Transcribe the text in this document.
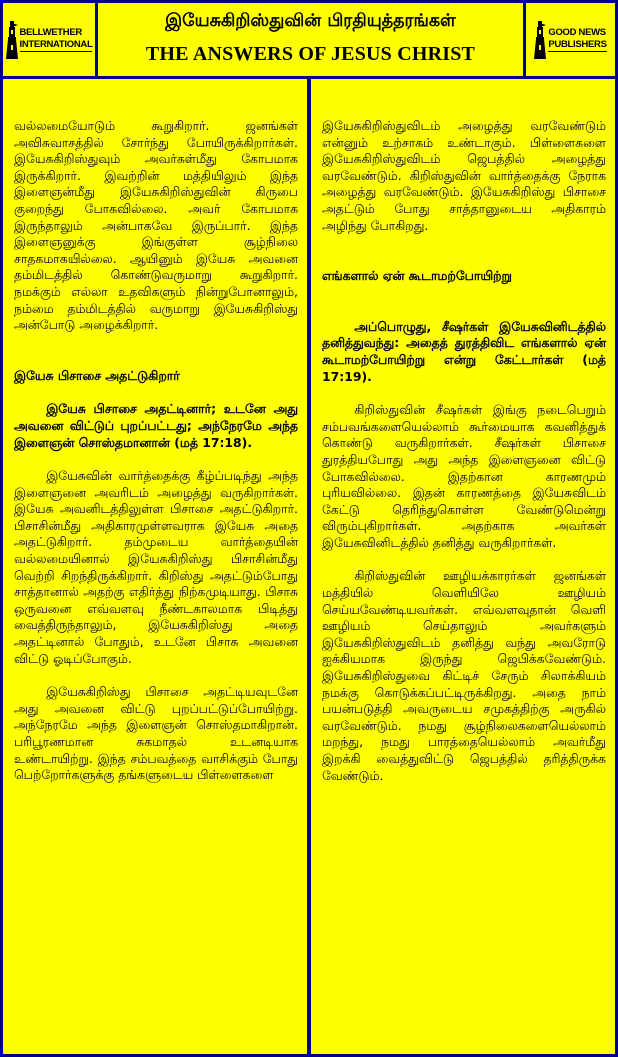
BELLWETHER
INTERNATIONAL
இயேசுகிறிஸ்துவின் பிரதியுத்தரங்கள்
THE ANSWERS OF JESUS CHRIST
GOOD NEWS
PUBLISHERS

வல்லமையோடும் கூறுகிறார். ஜனங்கள் அவிசுவாசத்தில் சோர்ந்து போயிருக்கிறார்கள். இயேசுகிறிஸ்துவும் அவர்கள்மீது கோபமாக இருக்கிறார். இவற்றின் மத்தியிலும் இந்த இளைஞன்மீது இயேசுகிறிஸ்துவின் கிருபை குறைந்து போகவில்லை. அவர் கோபமாக இருந்தாலும் அன்பாகவே இருப்பார். இந்த இளைஞனுக்கு இங்குள்ள சூழ்நிலை சாதகமாகயில்லை. ஆயினும் இயேசு அவனை தம்மிடத்தில் கொண்டுவருமாறு கூறுகிறார். நமக்கும் எல்லா உதவிகளும் நின்றுபோனாலும், நம்மை தம்மிடத்தில் வருமாறு இயேசுகிறிஸ்து அன்போடு அழைக்கிறார்.

இயேசு பிசாசை அதட்டுகிறார்

இயேசு பிசாசை அதட்டினார்; உடனே அது அவனை விட்டுப் புறப்பட்டது; அந்நேரமே அந்த இளைஞன் சொஸ்தமானான் (மத் 17:18).

இயேசுவின் வார்த்தைக்கு கீழ்ப்படிந்து அந்த இளைஞனை அவரிடம் அழைத்து வருகிறார்கள். இயேசு அவனிடத்திலுள்ள பிசாசை அதட்டுகிறார். பிசாசின்மீது அதிகாரமுள்ளவராக இயேசு அதை அதட்டுகிறார். தம்முடைய வார்த்தையின் வல்லமையினால் இயேசுகிறிஸ்து பிசாசின்மீது வெற்றி சிறந்திருக்கிறார். கிறிஸ்து அதட்டும்போது சாத்தானால் அதற்கு எதிர்த்து நிற்கமுடியாது. பிசாசு ஒருவனை எவ்வளவு நீண்டகாலமாக பிடித்து வைத்திருந்தாலும், இயேசுகிறிஸ்து அதை அதட்டினால் போதும், உடனே பிசாசு அவனை விட்டு ஓடிப்போகும்.

இயேசுகிறிஸ்து பிசாசை அதட்டியவுடனே அது அவனை விட்டு புறப்பட்டுப்போயிற்று. அந்நேரமே அந்த இளைஞன் சொஸ்தமாகிறான். பரிபூரணமான சுகமாதல் உடனடியாக உண்டாயிற்று. இந்த சம்பவத்தை வாசிக்கும் போது பெற்றோர்களுக்கு தங்களுடைய பிள்ளைகளை

இயேசுகிறிஸ்துவிடம் அழைத்து வரவேண்டும் என்னும் உற்சாகம் உண்டாகும். பிள்ளைகளை இயேசுகிறிஸ்துவிடம் ஜெபத்தில் அழைத்து வரவேண்டும். கிறிஸ்துவின் வார்த்தைக்கு நேராக அழைத்து வரவேண்டும். இயேசுகிறிஸ்து பிசாசை அதட்டும் போது சாத்தானுடைய அதிகாரம் அழிந்து போகிறது.

எங்களால் ஏன் கூடாமற்போயிற்று

அப்பொழுது, சீஷர்கள் இயேசுவினிடத்தில் தனித்துவந்து: அதைத் துரத்திவிட எங்களால் ஏன் கூடாமற்போயிற்று என்று கேட்டார்கள் (மத் 17:19).

கிறிஸ்துவின் சீஷர்கள் இங்கு நடைபெறும் சம்பவங்களையெல்லாம் கூர்மையாக கவனித்துக் கொண்டு வருகிறார்கள். சீஷர்கள் பிசாசை துரத்தியபோது அது அந்த இளைஞனை விட்டு போகவில்லை. இதற்கான காரணமும் புரியவில்லை. இதன் காரணத்தை இயேசுவிடம் கேட்டு தெரிந்துகொள்ள வேண்டுமென்று விரும்புகிறார்கள். அதற்காக அவர்கள் இயேசுவினிடத்தில் தனித்து வருகிறார்கள்.

கிறிஸ்துவின் ஊழியக்காரர்கள் ஜனங்கள் மத்தியில் வெளியிலே ஊழியம் செய்யவேண்டியவர்கள். எவ்வளவுதான் வெளி ஊழியம் செய்தாலும் அவர்களும் இயேசுகிறிஸ்துவிடம் தனித்து வந்து அவரோடு ஐக்கியமாக இருந்து ஜெபிக்கவேண்டும். இயேசுகிறிஸ்துவை கிட்டிச் சேரும் சிலாக்கியம் நமக்கு கொடுக்கப்பட்டிருக்கிறது. அதை நாம் பயன்படுத்தி அவருடைய சமுகத்திற்கு அருகில் வரவேண்டும். நமது சூழ்நிலைகளையெல்லாம் மறந்து, நமது பாரத்தையெல்லாம் அவர்மீது இறக்கி வைத்துவிட்டு ஜெபத்தில் தரித்திருக்க வேண்டும்.
